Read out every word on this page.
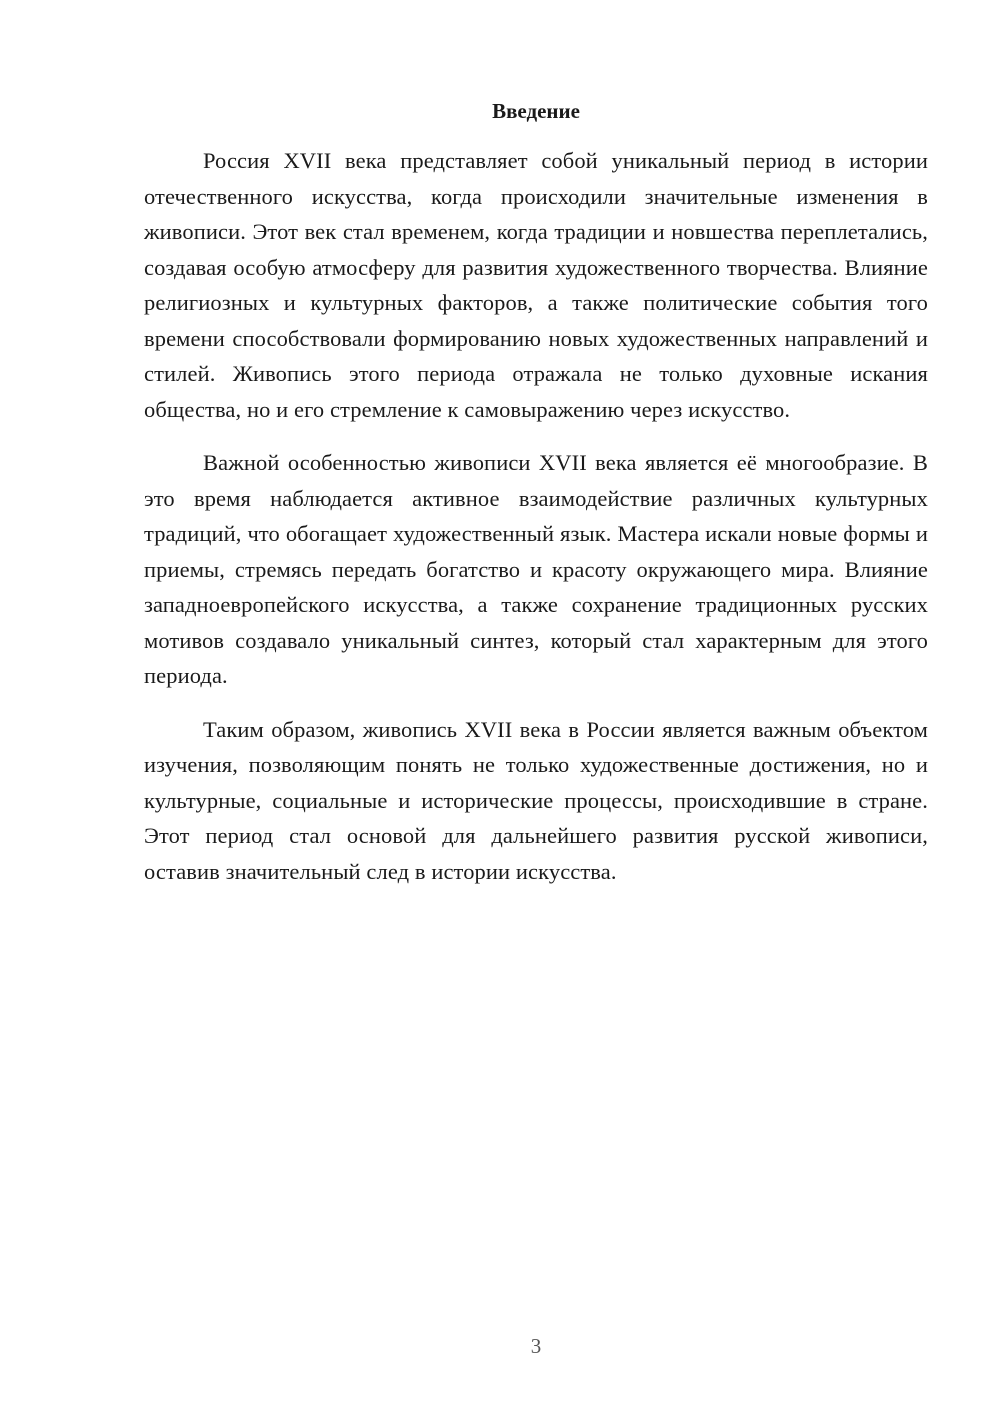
Введение

Россия XVII века представляет собой уникальный период в истории отечественного искусства, когда происходили значительные изменения в живописи. Этот век стал временем, когда традиции и новшества переплетались, создавая особую атмосферу для развития художественного творчества. Влияние религиозных и культурных факторов, а также политические события того времени способствовали формированию новых художественных направлений и стилей. Живопись этого периода отражала не только духовные искания общества, но и его стремление к самовыражению через искусство.

Важной особенностью живописи XVII века является её многообразие. В это время наблюдается активное взаимодействие различных культурных традиций, что обогащает художественный язык. Мастера искали новые формы и приемы, стремясь передать богатство и красоту окружающего мира. Влияние западноевропейского искусства, а также сохранение традиционных русских мотивов создавало уникальный синтез, который стал характерным для этого периода.

Таким образом, живопись XVII века в России является важным объектом изучения, позволяющим понять не только художественные достижения, но и культурные, социальные и исторические процессы, происходившие в стране. Этот период стал основой для дальнейшего развития русской живописи, оставив значительный след в истории искусства.

3
